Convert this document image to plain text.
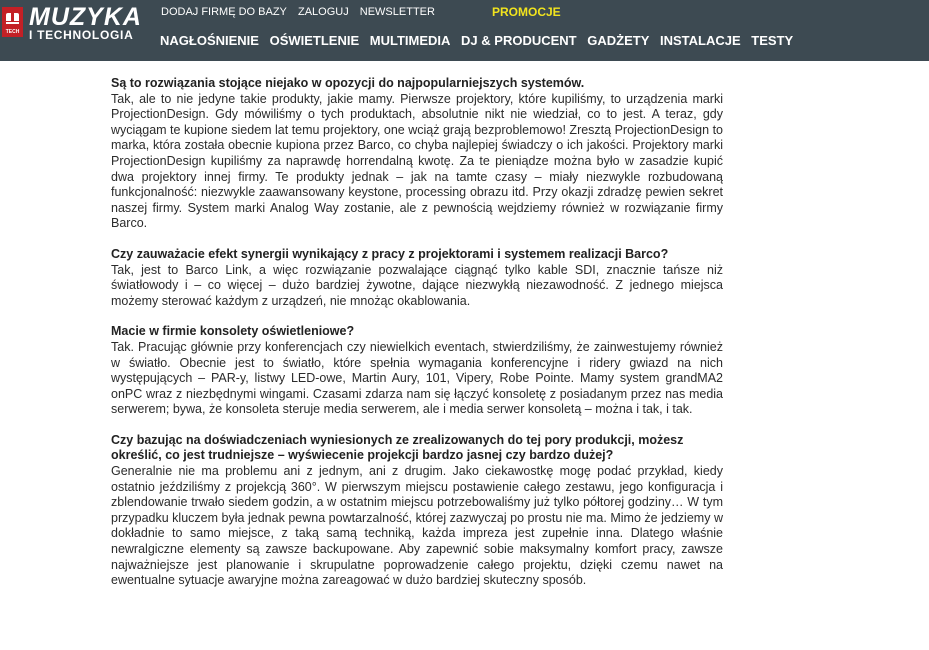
TECH
MUZYKA
I TECHNOLOGIA
DODAJ FIRMĘ DO BAZY ZALOGUJ NEWSLETTER	PROMOCJE
NAGŁOŚNIENIE OŚWIETLENIE MULTIMEDIA DJ & PRODUCENT GADŻETY INSTALACJE TESTY
Są to rozwiązania stojące niejako w opozycji do najpopularniejszych systemów.
Tak, ale to nie jedyne takie produkty, jakie mamy. Pierwsze projektory, które kupiliśmy, to urządzenia marki ProjectionDesign. Gdy mówiliśmy o tych produktach, absolutnie nikt nie wiedział, co to jest. A teraz, gdy wyciągam te kupione siedem lat temu projektory, one wciąż grają bezproblemowo! Zresztą ProjectionDesign to marka, która została obecnie kupiona przez Barco, co chyba najlepiej świadczy o ich jakości. Projektory marki ProjectionDesign kupiliśmy za naprawdę horrendalną kwotę. Za te pieniądze można było w zasadzie kupić dwa projektory innej firmy. Te produkty jednak – jak na tamte czasy – miały niezwykle rozbudowaną funkcjonalność: niezwykle zaawansowany keystone, processing obrazu itd. Przy okazji zdradzę pewien sekret naszej firmy. System marki Analog Way zostanie, ale z pewnością wejdziemy również w rozwiązanie firmy Barco.
Czy zauważacie efekt synergii wynikający z pracy z projektorami i systemem realizacji Barco?
Tak, jest to Barco Link, a więc rozwiązanie pozwalające ciągnąć tylko kable SDI, znacznie tańsze niż światłowody i – co więcej – dużo bardziej żywotne, dające niezwykłą niezawodność. Z jednego miejsca możemy sterować każdym z urządzeń, nie mnożąc okablowania.
Macie w firmie konsolety oświetleniowe?
Tak. Pracując głównie przy konferencjach czy niewielkich eventach, stwierdziliśmy, że zainwestujemy również w światło. Obecnie jest to światło, które spełnia wymagania konferencyjne i ridery gwiazd na nich występujących – PAR-y, listwy LED-owe, Martin Aury, 101, Vipery, Robe Pointe. Mamy system grandMA2 onPC wraz z niezbędnymi wingami. Czasami zdarza nam się łączyć konsoletę z posiadanym przez nas media serwerem; bywa, że konsoleta steruje media serwerem, ale i media serwer konsoletą – można i tak, i tak.
Czy bazując na doświadczeniach wyniesionych ze zrealizowanych do tej pory produkcji, możesz określić, co jest trudniejsze – wyświecenie projekcji bardzo jasnej czy bardzo dużej?
Generalnie nie ma problemu ani z jednym, ani z drugim. Jako ciekawostkę mogę podać przykład, kiedy ostatnio jeździliśmy z projekcją 360°. W pierwszym miejscu postawienie całego zestawu, jego konfiguracja i zblendowanie trwało siedem godzin, a w ostatnim miejscu potrzebowaliśmy już tylko półtorej godziny… W tym przypadku kluczem była jednak pewna powtarzalność, której zazwyczaj po prostu nie ma. Mimo że jedziemy w dokładnie to samo miejsce, z taką samą techniką, każda impreza jest zupełnie inna. Dlatego właśnie newralgiczne elementy są zawsze backupowane. Aby zapewnić sobie maksymalny komfort pracy, zawsze najważniejsze jest planowanie i skrupulatne poprowadzenie całego projektu, dzięki czemu nawet na ewentualne sytuacje awaryjne można zareagować w dużo bardziej skuteczny sposób.
